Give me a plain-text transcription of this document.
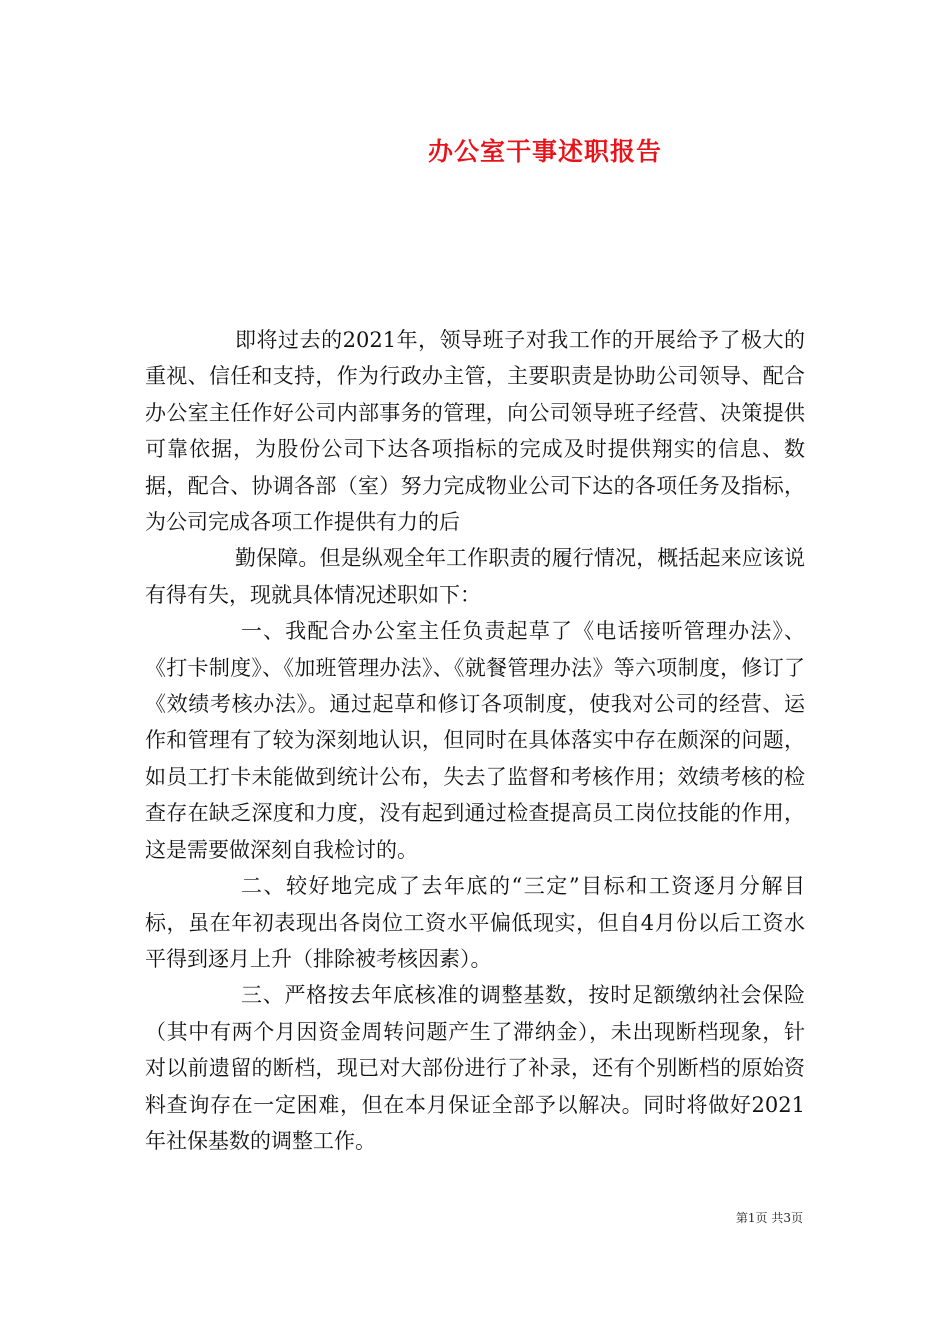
办公室干事述职报告

即将过去的2021年，领导班子对我工作的开展给予了极大的重视、信任和支持，作为行政办主管，主要职责是协助公司领导、配合办公室主任作好公司内部事务的管理，向公司领导班子经营、决策提供可靠依据，为股份公司下达各项指标的完成及时提供翔实的信息、数据，配合、协调各部（室）努力完成物业公司下达的各项任务及指标，为公司完成各项工作提供有力的后

勤保障。但是纵观全年工作职责的履行情况，概括起来应该说有得有失，现就具体情况述职如下：

一、我配合办公室主任负责起草了《电话接听管理办法》、《打卡制度》、《加班管理办法》、《就餐管理办法》等六项制度，修订了《效绩考核办法》。通过起草和修订各项制度，使我对公司的经营、运作和管理有了较为深刻地认识，但同时在具体落实中存在颇深的问题，如员工打卡未能做到统计公布，失去了监督和考核作用；效绩考核的检查存在缺乏深度和力度，没有起到通过检查提高员工岗位技能的作用，这是需要做深刻自我检讨的。

二、较好地完成了去年底的“三定”目标和工资逐月分解目标，虽在年初表现出各岗位工资水平偏低现实，但自4月份以后工资水平得到逐月上升（排除被考核因素）。

三、严格按去年底核准的调整基数，按时足额缴纳社会保险（其中有两个月因资金周转问题产生了滞纳金），未出现断档现象，针对以前遗留的断档，现已对大部份进行了补录，还有个别断档的原始资料查询存在一定困难，但在本月保证全部予以解决。同时将做好2021年社保基数的调整工作。

第1页 共3页
